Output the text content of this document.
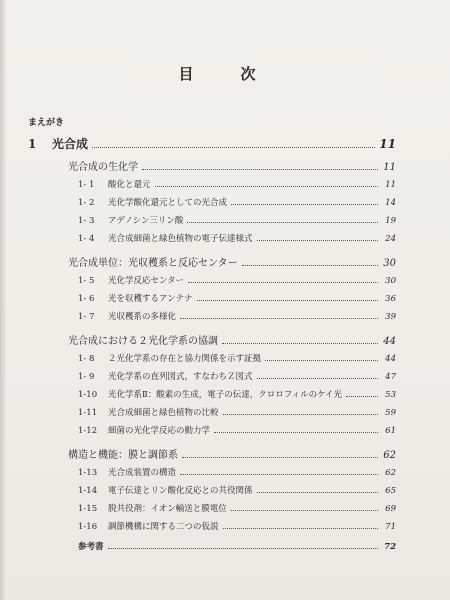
目　次
まえがき
1	光合成	11
光合成の生化学	11
1- 1	酸化と還元	11
1- 2	光化学酸化還元としての光合成	14
1- 3	アデノシン三リン酸	19
1- 4	光合成細菌と緑色植物の電子伝達様式	24
光合成単位：光収穫系と反応センター	30
1- 5	光化学反応センター	30
1- 6	光を収穫するアンテナ	36
1- 7	光収穫系の多様化	39
光合成における２光化学系の協調	44
1- 8	２光化学系の存在と協力関係を示す証拠	44
1- 9	光化学系の直列図式，すなわちＺ図式	47
1-10	光化学系Ⅱ：酸素の生成，電子の伝達，クロロフィルのケイ光	53
1-11	光合成細菌と緑色植物の比較	59
1-12	細菌の光化学反応の動力学	61
構造と機能：膜と調節系	62
1-13	光合成装置の構造	62
1-14	電子伝達とリン酸化反応との共役関係	65
1-15	脱共役剤：イオン輸送と膜電位	69
1-16	調節機構に関する二つの仮説	71
参考書	72
